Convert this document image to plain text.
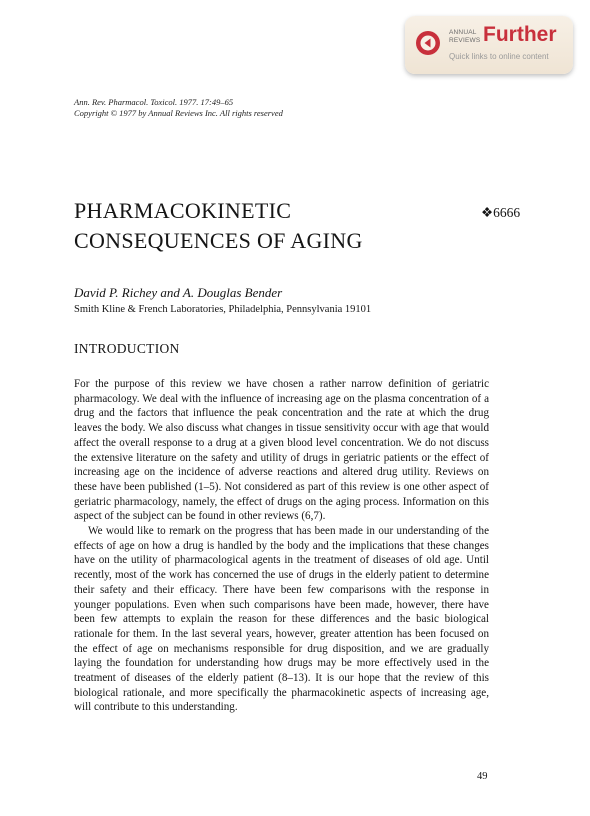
ANNUAL
REVIEWS Further
Quick links to online content
Ann. Rev. Pharmacol. Toxicol. 1977. 17:49–65
Copyright © 1977 by Annual Reviews Inc. All rights reserved
PHARMACOKINETIC
CONSEQUENCES OF AGING
❖6666
David P. Richey and A. Douglas Bender
Smith Kline & French Laboratories, Philadelphia, Pennsylvania 19101
INTRODUCTION

For the purpose of this review we have chosen a rather narrow definition of geriatric pharmacology. We deal with the influence of increasing age on the plasma concentration of a drug and the factors that influence the peak concentration and the rate at which the drug leaves the body. We also discuss what changes in tissue sensitivity occur with age that would affect the overall response to a drug at a given blood level concentration. We do not discuss the extensive literature on the safety and utility of drugs in geriatric patients or the effect of increasing age on the incidence of adverse reactions and altered drug utility. Reviews on these have been published (1–5). Not considered as part of this review is one other aspect of geriatric pharmacology, namely, the effect of drugs on the aging process. Information on this aspect of the subject can be found in other reviews (6,7).

We would like to remark on the progress that has been made in our understanding of the effects of age on how a drug is handled by the body and the implications that these changes have on the utility of pharmacological agents in the treatment of diseases of old age. Until recently, most of the work has concerned the use of drugs in the elderly patient to determine their safety and their efficacy. There have been few comparisons with the response in younger populations. Even when such comparisons have been made, however, there have been few attempts to explain the reason for these differences and the basic biological rationale for them. In the last several years, however, greater attention has been focused on the effect of age on mechanisms responsible for drug disposition, and we are gradually laying the foundation for understanding how drugs may be more effectively used in the treatment of diseases of the elderly patient (8–13). It is our hope that the review of this biological rationale, and more specifically the pharmacokinetic aspects of increasing age, will contribute to this understanding.

49
